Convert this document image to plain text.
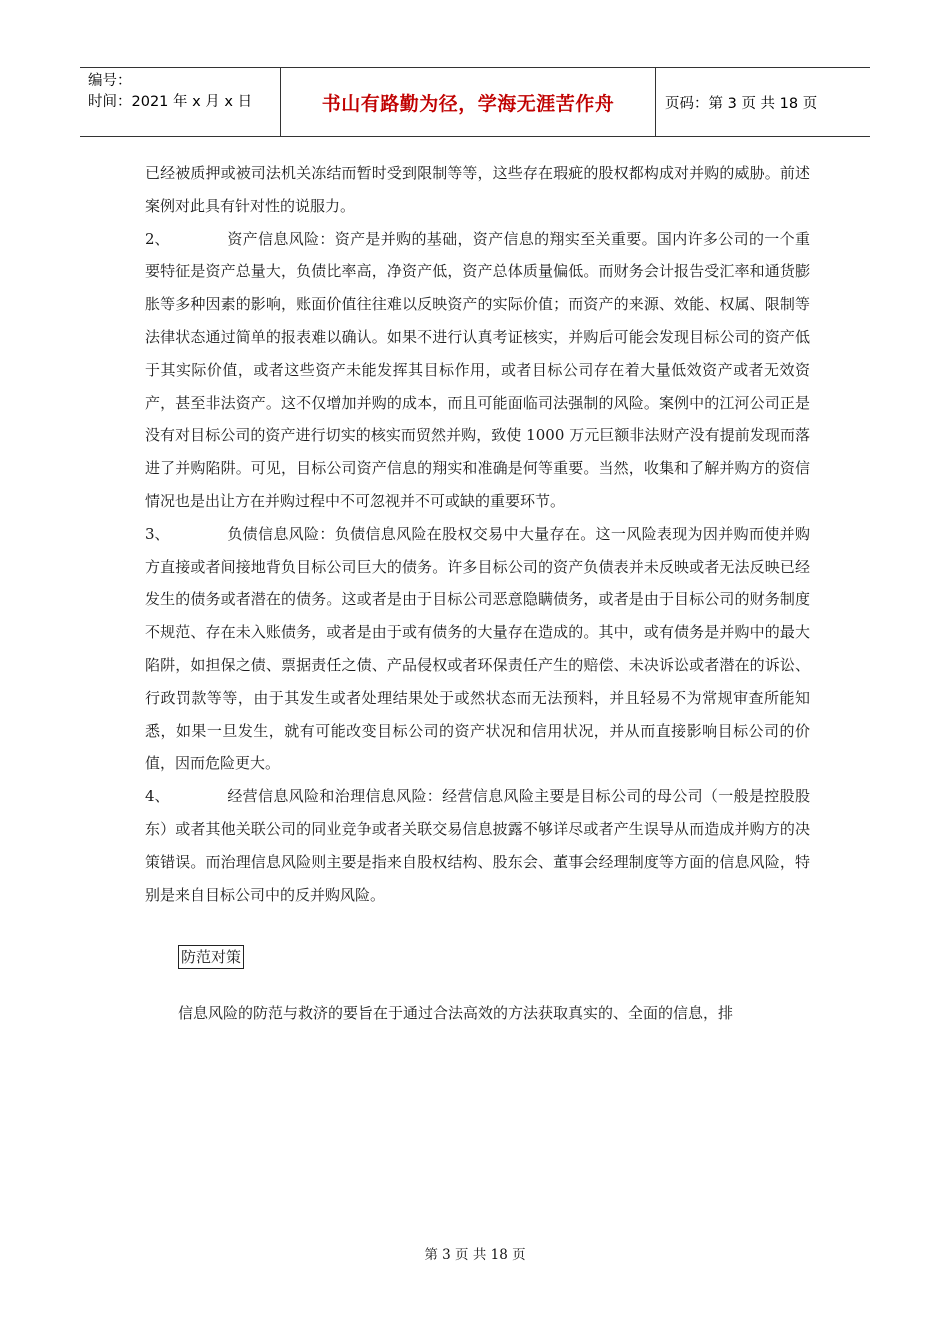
编号：
时间：2021 年 x 月 x 日	书山有路勤为径，学海无涯苦作舟	页码：第 3 页 共 18 页

已经被质押或被司法机关冻结而暂时受到限制等等，这些存在瑕疵的股权都构成对并购的威胁。前述案例对此具有针对性的说服力。

2、	资产信息风险：资产是并购的基础，资产信息的翔实至关重要。国内许多公司的一个重要特征是资产总量大，负债比率高，净资产低，资产总体质量偏低。而财务会计报告受汇率和通货膨胀等多种因素的影响，账面价值往往难以反映资产的实际价值；而资产的来源、效能、权属、限制等法律状态通过简单的报表难以确认。如果不进行认真考证核实，并购后可能会发现目标公司的资产低于其实际价值，或者这些资产未能发挥其目标作用，或者目标公司存在着大量低效资产或者无效资产，甚至非法资产。这不仅增加并购的成本，而且可能面临司法强制的风险。案例中的江河公司正是没有对目标公司的资产进行切实的核实而贸然并购，致使 1000 万元巨额非法财产没有提前发现而落进了并购陷阱。可见，目标公司资产信息的翔实和准确是何等重要。当然，收集和了解并购方的资信情况也是出让方在并购过程中不可忽视并不可或缺的重要环节。

3、	负债信息风险：负债信息风险在股权交易中大量存在。这一风险表现为因并购而使并购方直接或者间接地背负目标公司巨大的债务。许多目标公司的资产负债表并未反映或者无法反映已经发生的债务或者潜在的债务。这或者是由于目标公司恶意隐瞒债务，或者是由于目标公司的财务制度不规范、存在未入账债务，或者是由于或有债务的大量存在造成的。其中，或有债务是并购中的最大陷阱，如担保之债、票据责任之债、产品侵权或者环保责任产生的赔偿、未决诉讼或者潜在的诉讼、行政罚款等等，由于其发生或者处理结果处于或然状态而无法预料，并且轻易不为常规审查所能知悉，如果一旦发生，就有可能改变目标公司的资产状况和信用状况，并从而直接影响目标公司的价值，因而危险更大。

4、	经营信息风险和治理信息风险：经营信息风险主要是目标公司的母公司（一般是控股股东）或者其他关联公司的同业竞争或者关联交易信息披露不够详尽或者产生误导从而造成并购方的决策错误。而治理信息风险则主要是指来自股权结构、股东会、董事会经理制度等方面的信息风险，特别是来自目标公司中的反并购风险。

防范对策

信息风险的防范与救济的要旨在于通过合法高效的方法获取真实的、全面的信息，排

第 3 页 共 18 页
